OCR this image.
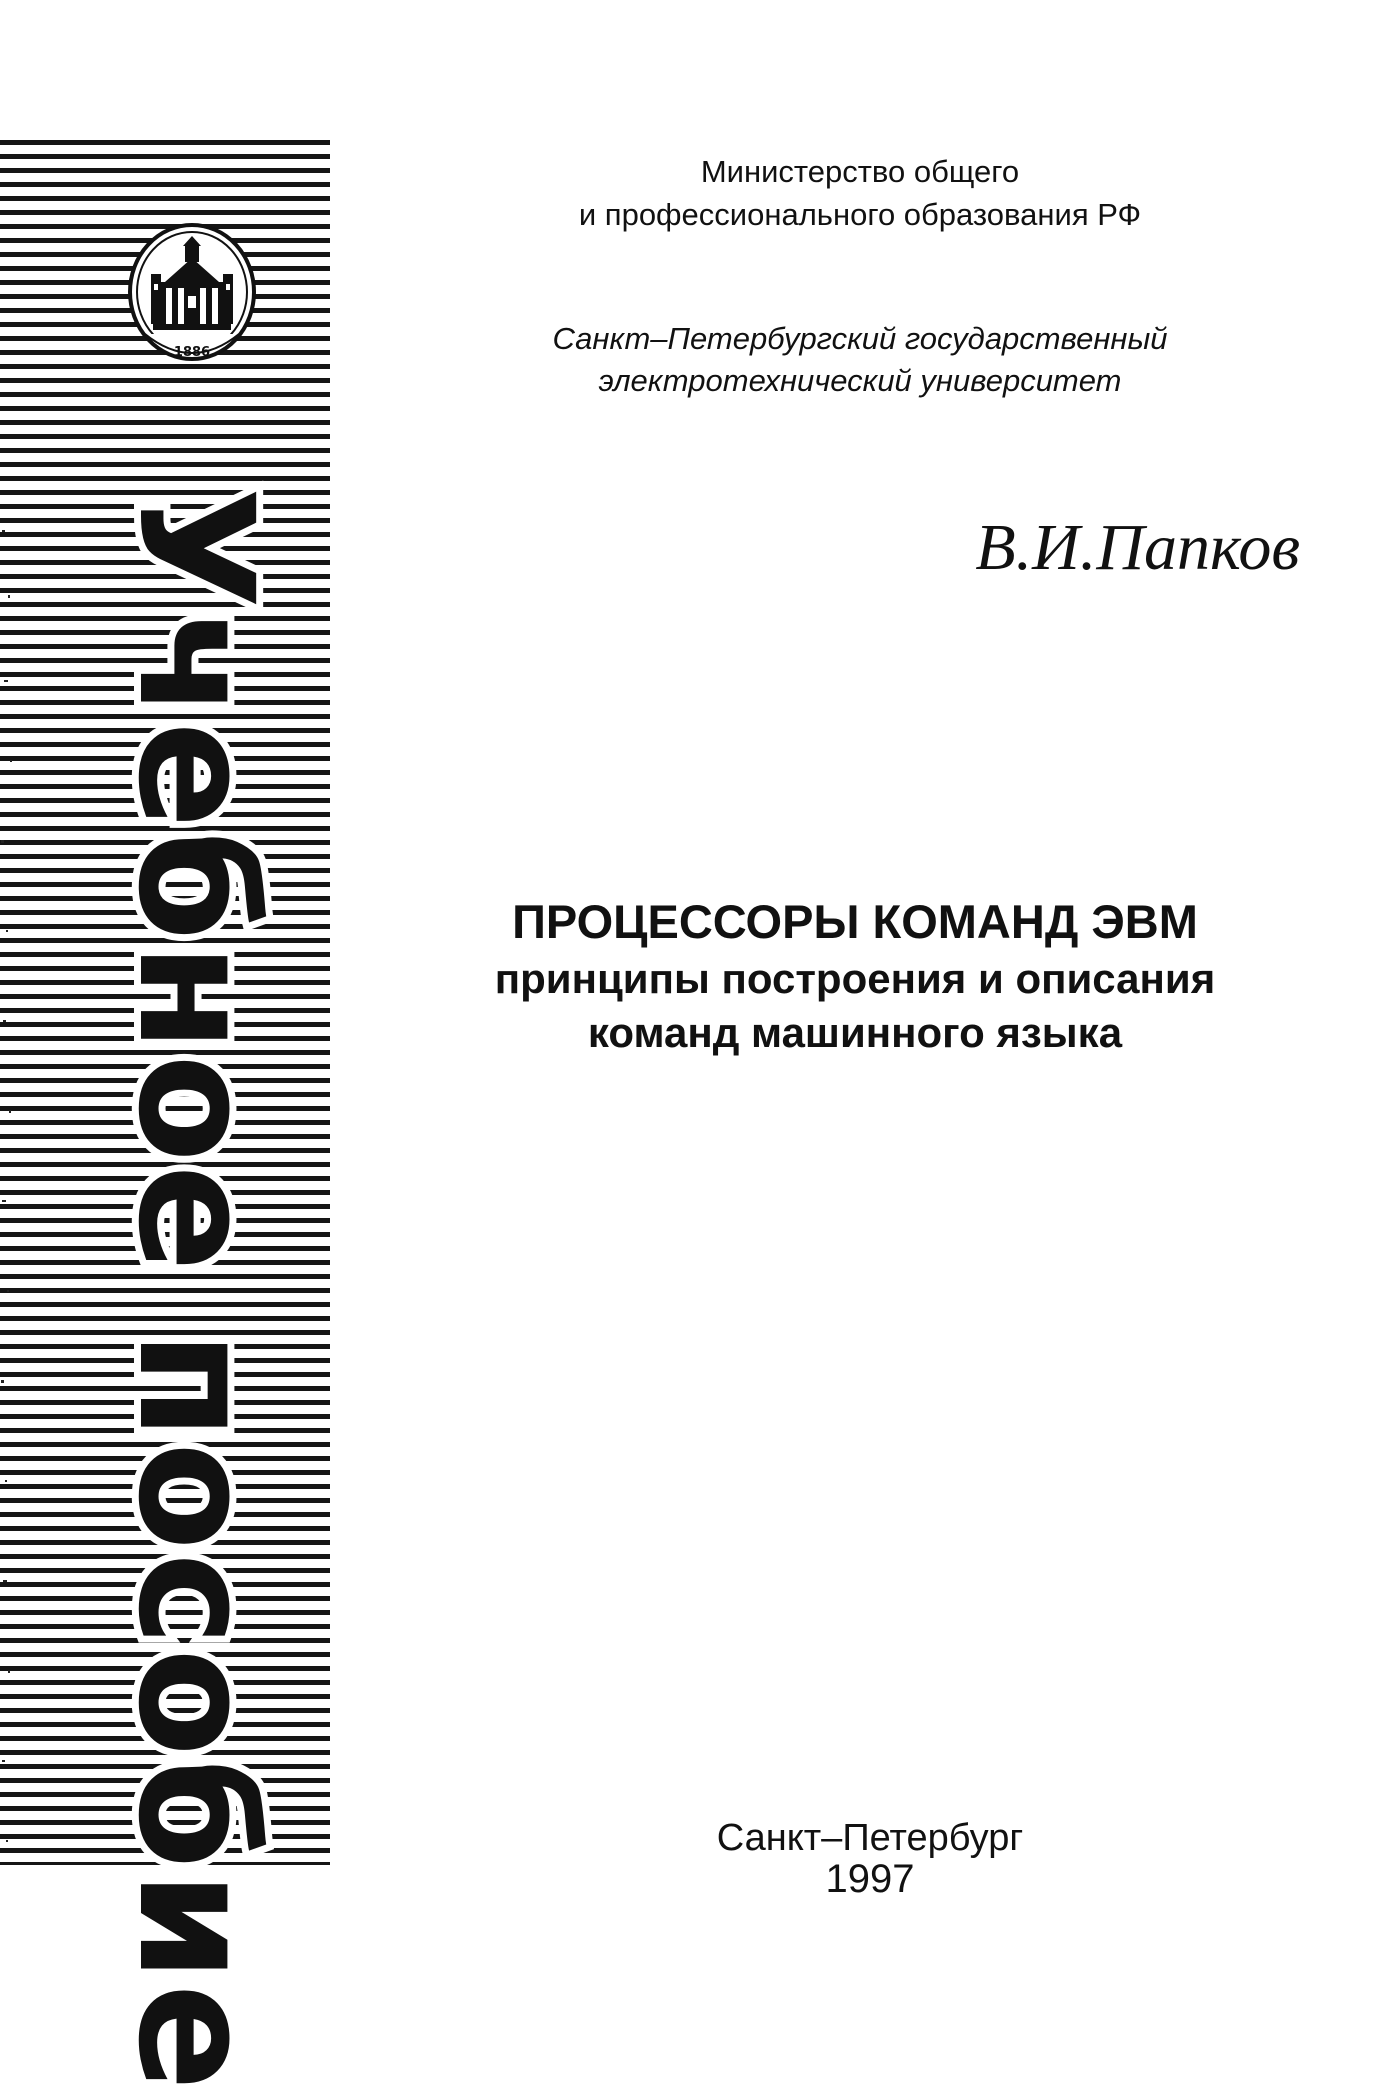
1886
Учебное пособие
Министерство общего
и профессионального образования РФ
Санкт–Петербургский государственный
электротехнический университет
В.И.Папков
ПРОЦЕССОРЫ КОМАНД ЭВМ
принципы построения и описания
команд машинного языка
Санкт–Петербург
1997
